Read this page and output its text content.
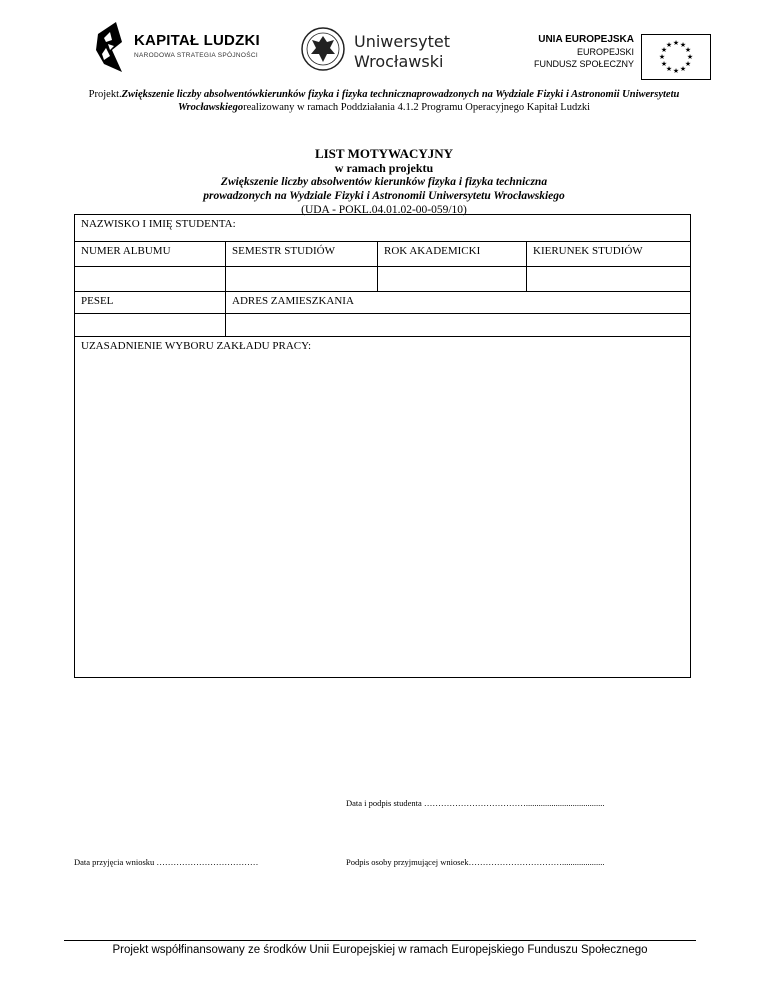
KAPITAŁ LUDZKI
NARODOWA STRATEGIA SPÓJNOŚCI
Uniwersytet
Wrocławski
UNIA EUROPEJSKA
EUROPEJSKI
FUNDUSZ SPOŁECZNY
★ ★
★
★
★
★
★
★
★
★
★
★
Projekt.Zwiększenie liczby absolwentówkierunków fizyka i fizyka technicznaprowadzonych na Wydziale Fizyki i Astronomii Uniwersytetu Wrocławskiegorealizowany w ramach Poddziałania 4.1.2 Programu Operacyjnego Kapitał Ludzki
LIST MOTYWACYJNY
w ramach projektu
Zwiększenie liczby absolwentów kierunków fizyka i fizyka techniczna
prowadzonych na Wydziale Fizyki i Astronomii Uniwersytetu Wrocławskiego
(UDA - POKL.04.01.02-00-059/10)
NAZWISKO I IMIĘ STUDENTA:
NUMER ALBUMU	SEMESTR STUDIÓW	ROK AKADEMICKI	KIERUNEK STUDIÓW
PESEL	ADRES ZAMIESZKANIA
UZASADNIENIE WYBORU ZAKŁADU PRACY:
Data i podpis studenta ……………………………….....................................
Data przyjęcia wniosku ………………………………	Podpis osoby przyjmującej wniosek……………………………....................
Projekt współfinansowany ze środków Unii Europejskiej w ramach Europejskiego Funduszu Społecznego
